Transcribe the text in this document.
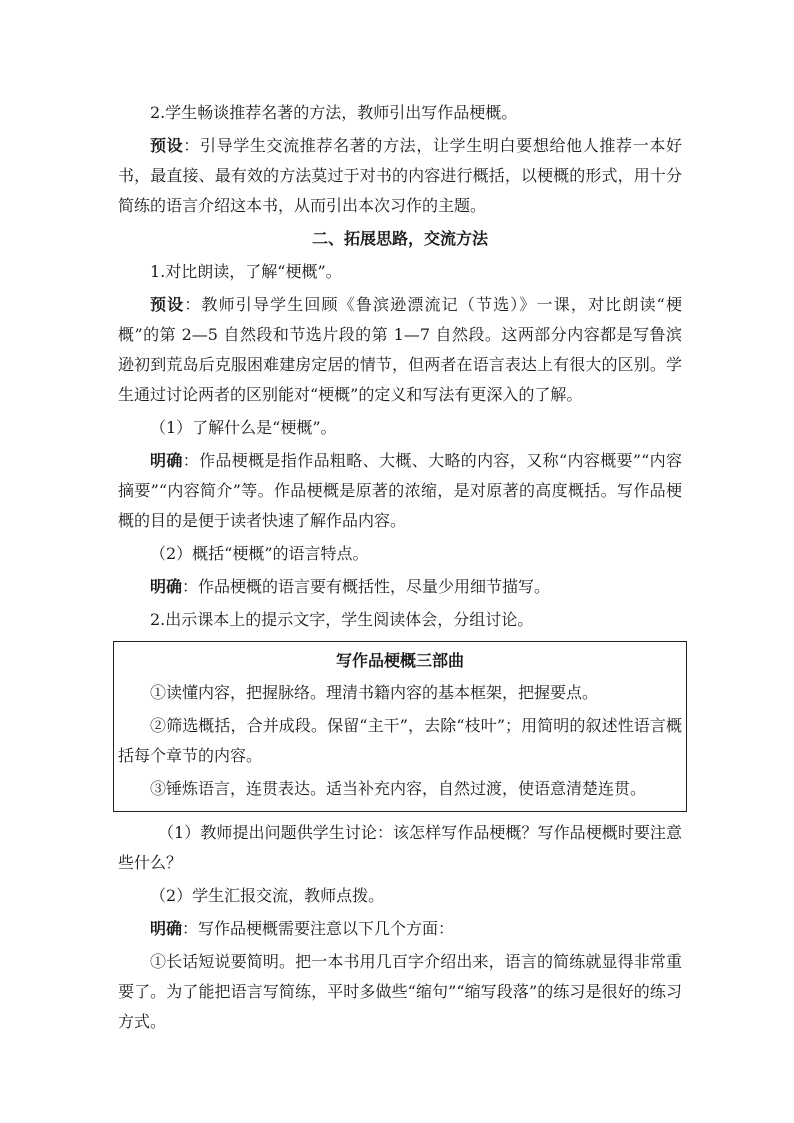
2.学生畅谈推荐名著的方法，教师引出写作品梗概。

预设：引导学生交流推荐名著的方法，让学生明白要想给他人推荐一本好书，最直接、最有效的方法莫过于对书的内容进行概括，以梗概的形式，用十分简练的语言介绍这本书，从而引出本次习作的主题。

二、拓展思路，交流方法

1.对比朗读，了解“梗概”。

预设：教师引导学生回顾《鲁滨逊漂流记（节选）》一课，对比朗读“梗概”的第 2—5 自然段和节选片段的第 1—7 自然段。这两部分内容都是写鲁滨逊初到荒岛后克服困难建房定居的情节，但两者在语言表达上有很大的区别。学生通过讨论两者的区别能对“梗概”的定义和写法有更深入的了解。

（1）了解什么是“梗概”。

明确：作品梗概是指作品粗略、大概、大略的内容，又称“内容概要”“内容摘要”“内容简介”等。作品梗概是原著的浓缩，是对原著的高度概括。写作品梗概的目的是便于读者快速了解作品内容。

（2）概括“梗概”的语言特点。

明确：作品梗概的语言要有概括性，尽量少用细节描写。

2.出示课本上的提示文字，学生阅读体会，分组讨论。

写作品梗概三部曲

①读懂内容，把握脉络。理清书籍内容的基本框架，把握要点。

②筛选概括，合并成段。保留“主干”，去除“枝叶”；用简明的叙述性语言概括每个章节的内容。

③锤炼语言，连贯表达。适当补充内容，自然过渡，使语意清楚连贯。

（1）教师提出问题供学生讨论：该怎样写作品梗概？写作品梗概时要注意些什么？

（2）学生汇报交流，教师点拨。

明确：写作品梗概需要注意以下几个方面：

①长话短说要简明。把一本书用几百字介绍出来，语言的简练就显得非常重要了。为了能把语言写简练，平时多做些“缩句”“缩写段落”的练习是很好的练习方式。
